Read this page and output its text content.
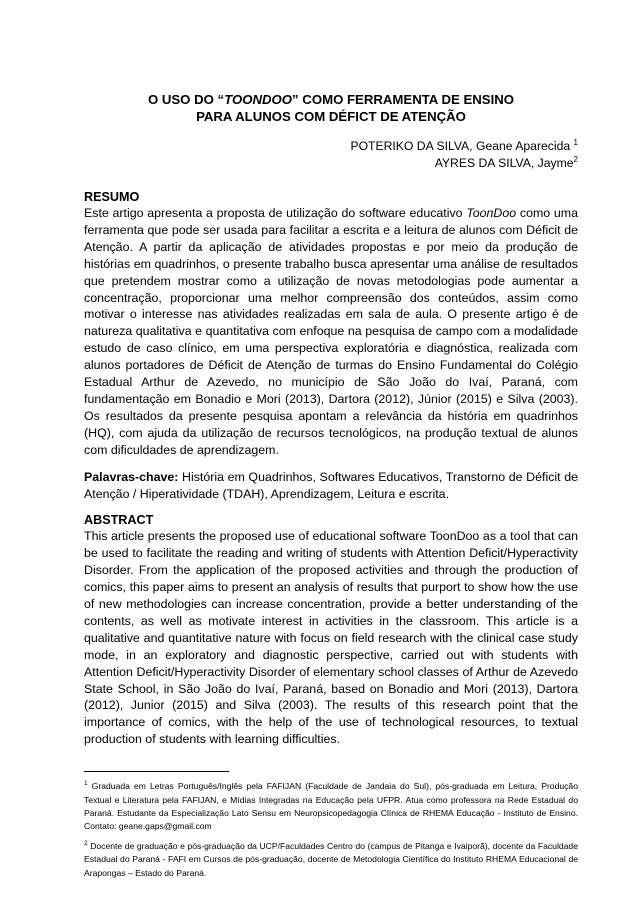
O USO DO “TOONDOO” COMO FERRAMENTA DE ENSINO
PARA ALUNOS COM DÉFICT DE ATENÇÃO
POTERIKO DA SILVA, Geane Aparecida $^1$
AYRES DA SILVA, Jayme$^2$
RESUMO

Este artigo apresenta a proposta de utilização do software educativo ToonDoo como uma ferramenta que pode ser usada para facilitar a escrita e a leitura de alunos com Déficit de Atenção. A partir da aplicação de atividades propostas e por meio da produção de histórias em quadrinhos, o presente trabalho busca apresentar uma análise de resultados que pretendem mostrar como a utilização de novas metodologias pode aumentar a concentração, proporcionar uma melhor compreensão dos conteúdos, assim como motivar o interesse nas atividades realizadas em sala de aula. O presente artigo é de natureza qualitativa e quantitativa com enfoque na pesquisa de campo com a modalidade estudo de caso clínico, em uma perspectiva exploratória e diagnóstica, realizada com alunos portadores de Déficit de Atenção de turmas do Ensino Fundamental do Colégio Estadual Arthur de Azevedo, no município de São João do Ivaí, Paraná, com fundamentação em Bonadio e Mori (2013), Dartora (2012), Júnior (2015) e Silva (2003). Os resultados da presente pesquisa apontam a relevância da história em quadrinhos (HQ), com ajuda da utilização de recursos tecnológicos, na produção textual de alunos com dificuldades de aprendizagem.

Palavras-chave: História em Quadrinhos, Softwares Educativos, Transtorno de Déficit de Atenção / Hiperatividade (TDAH), Aprendizagem, Leitura e escrita.

ABSTRACT

This article presents the proposed use of educational software ToonDoo as a tool that can be used to facilitate the reading and writing of students with Attention Deficit/Hyperactivity Disorder. From the application of the proposed activities and through the production of comics, this paper aims to present an analysis of results that purport to show how the use of new methodologies can increase concentration, provide a better understanding of the contents, as well as motivate interest in activities in the classroom. This article is a qualitative and quantitative nature with focus on field research with the clinical case study mode, in an exploratory and diagnostic perspective, carried out with students with Attention Deficit/Hyperactivity Disorder of elementary school classes of Arthur de Azevedo State School, in São João do Ivaí, Paraná, based on Bonadio and Mori (2013), Dartora (2012), Junior (2015) and Silva (2003). The results of this research point that the importance of comics, with the help of the use of technological resources, to textual production of students with learning difficulties.

$^1$ Graduada em Letras Português/Inglês pela FAFIJAN (Faculdade de Jandaia do Sul), pós-graduada em Leitura, Produção Textual e Literatura pela FAFIJAN, e Mídias Integradas na Educação pela UFPR. Atua como professora na Rede Estadual do Paraná. Estudante da Especialização Lato Sensu em Neuropsicopedagogia Clínica de RHEMA Educação - Instituto de Ensino. Contato: geane.gaps@gmail.com

$^2$ Docente de graduação e pós-graduação da UCP/Faculdades Centro do (campus de Pitanga e Ivaiporã), docente da Faculdade Estadual do Paraná - FAFI em Cursos de pós-graduação, docente de Metodologia Científica do Instituto RHEMA Educacional de Arapongas – Estado do Paraná.
